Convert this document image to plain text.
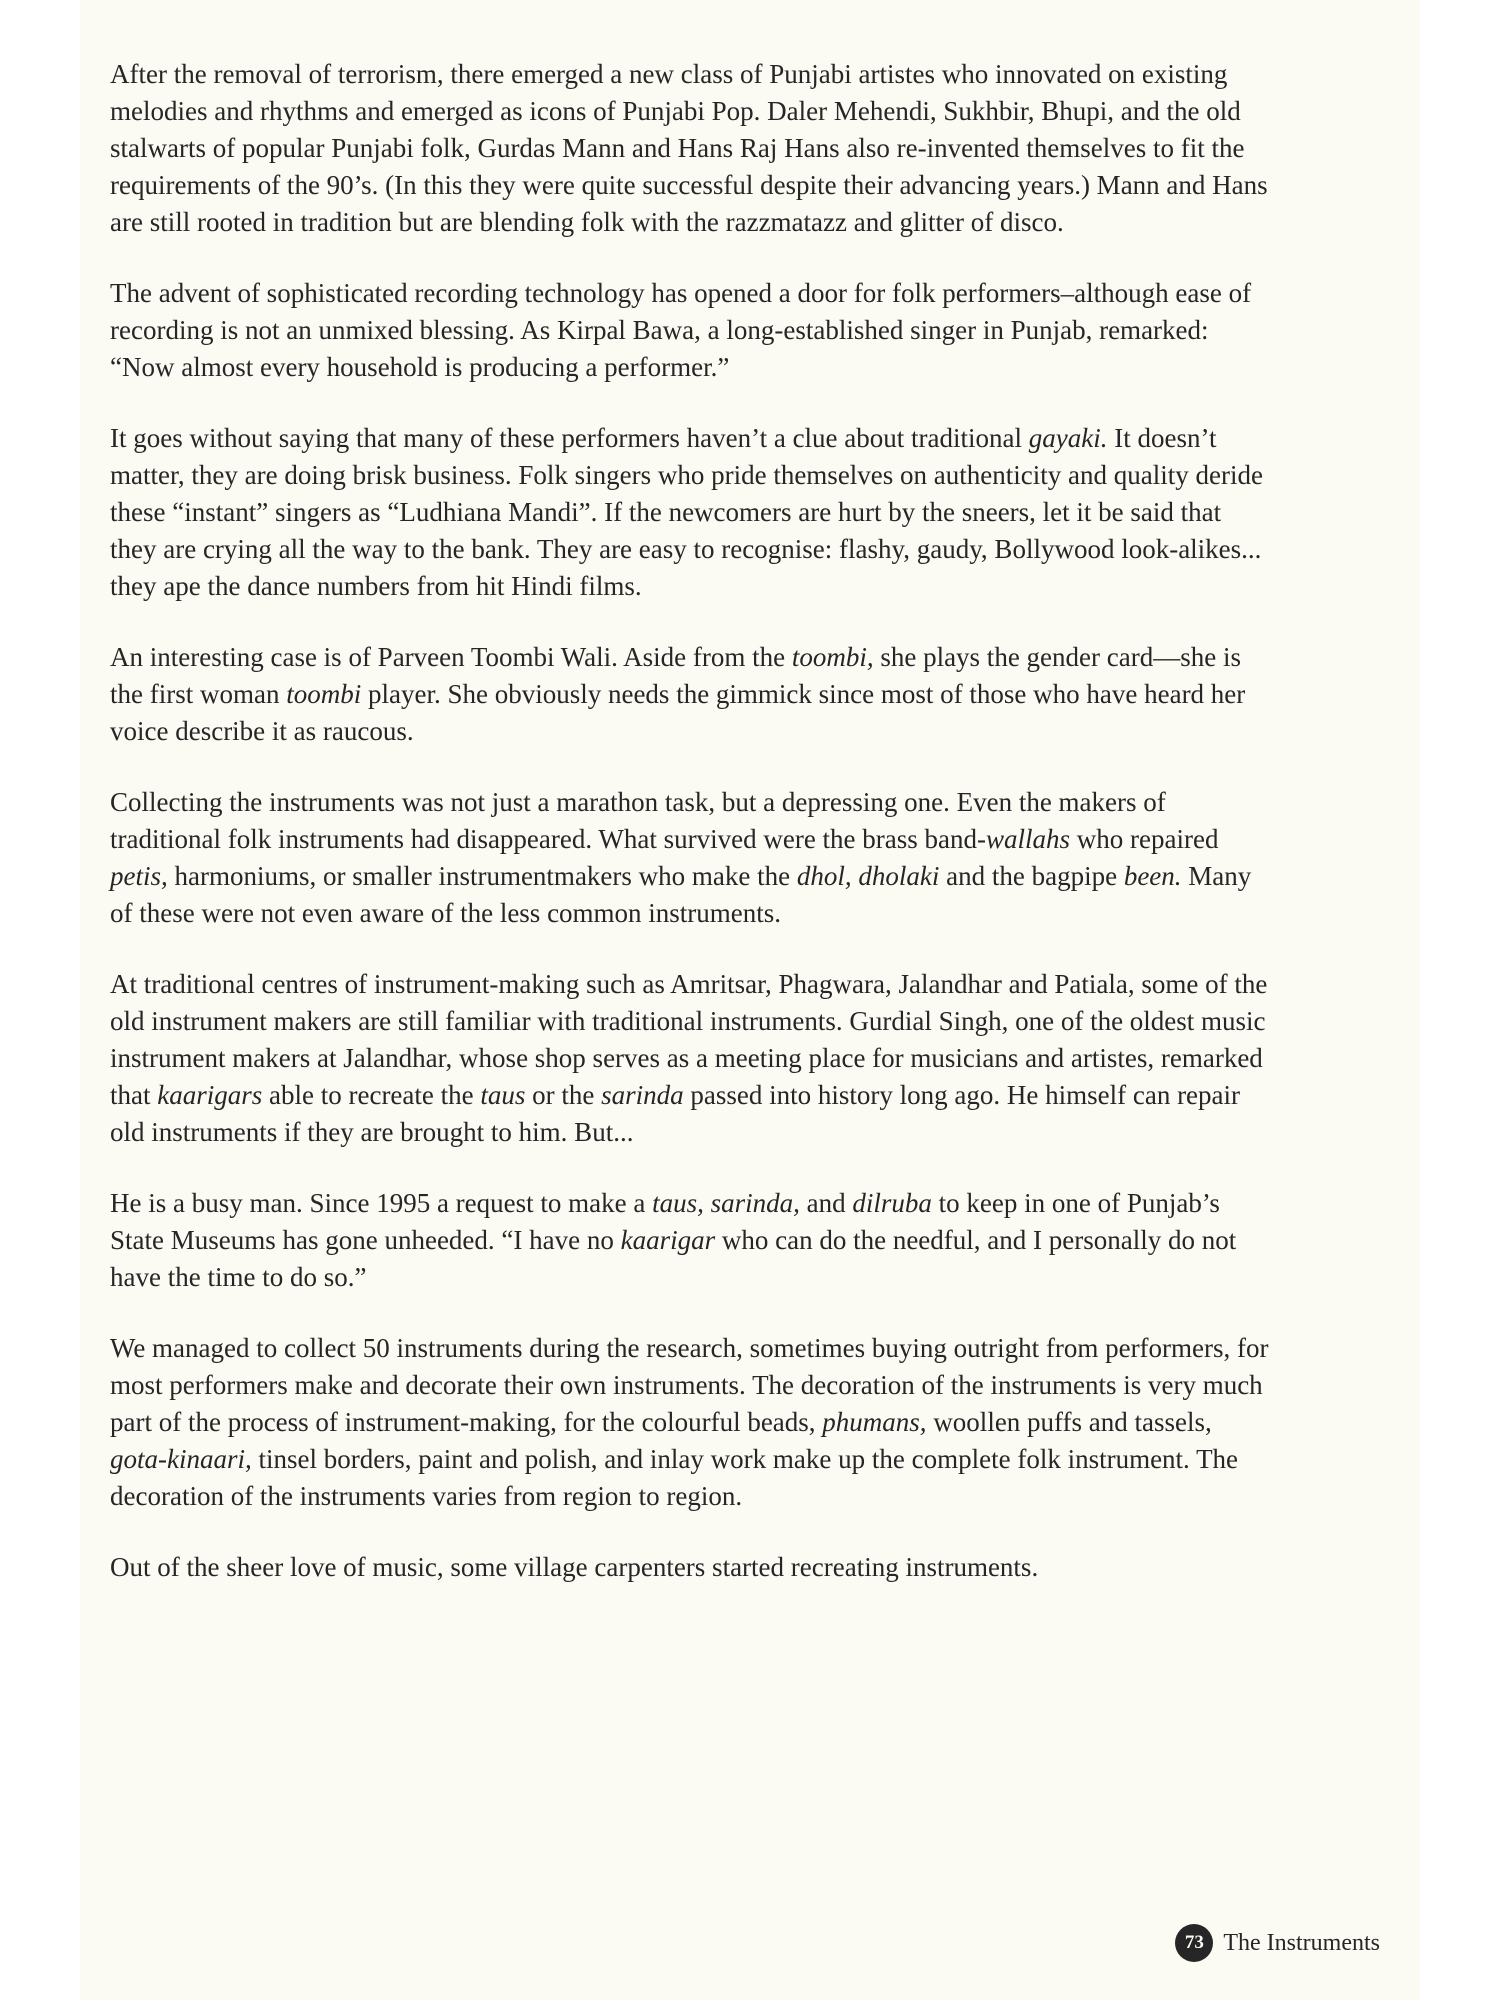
After the removal of terrorism, there emerged a new class of Punjabi artistes who innovated on existing melodies and rhythms and emerged as icons of Punjabi Pop. Daler Mehendi, Sukhbir, Bhupi, and the old stalwarts of popular Punjabi folk, Gurdas Mann and Hans Raj Hans also re-invented themselves to fit the requirements of the 90’s. (In this they were quite successful despite their advancing years.) Mann and Hans are still rooted in tradition but are blending folk with the razzmatazz and glitter of disco.

The advent of sophisticated recording technology has opened a door for folk performers–although ease of recording is not an unmixed blessing. As Kirpal Bawa, a long-established singer in Punjab, remarked: “Now almost every household is producing a performer.”

It goes without saying that many of these performers haven’t a clue about traditional gayaki. It doesn’t matter, they are doing brisk business. Folk singers who pride themselves on authenticity and quality deride these “instant” singers as “Ludhiana Mandi”. If the newcomers are hurt by the sneers, let it be said that they are crying all the way to the bank. They are easy to recognise: flashy, gaudy, Bollywood look-alikes... they ape the dance numbers from hit Hindi films.

An interesting case is of Parveen Toombi Wali. Aside from the toombi, she plays the gender card—she is the first woman toombi player. She obviously needs the gimmick since most of those who have heard her voice describe it as raucous.

Collecting the instruments was not just a marathon task, but a depressing one. Even the makers of traditional folk instruments had disappeared. What survived were the brass band-wallahs who repaired petis, harmoniums, or smaller instrumentmakers who make the dhol, dholaki and the bagpipe been. Many of these were not even aware of the less common instruments.

At traditional centres of instrument-making such as Amritsar, Phagwara, Jalandhar and Patiala, some of the old instrument makers are still familiar with traditional instruments. Gurdial Singh, one of the oldest music instrument makers at Jalandhar, whose shop serves as a meeting place for musicians and artistes, remarked that kaarigars able to recreate the taus or the sarinda passed into history long ago. He himself can repair old instruments if they are brought to him. But...

He is a busy man. Since 1995 a request to make a taus, sarinda, and dilruba to keep in one of Punjab’s State Museums has gone unheeded. “I have no kaarigar who can do the needful, and I personally do not have the time to do so.”

We managed to collect 50 instruments during the research, sometimes buying outright from performers, for most performers make and decorate their own instruments. The decoration of the instruments is very much part of the process of instrument-making, for the colourful beads, phumans, woollen puffs and tassels, gota-kinaari, tinsel borders, paint and polish, and inlay work make up the complete folk instrument. The decoration of the instruments varies from region to region.

Out of the sheer love of music, some village carpenters started recreating instruments.

73 The Instruments
